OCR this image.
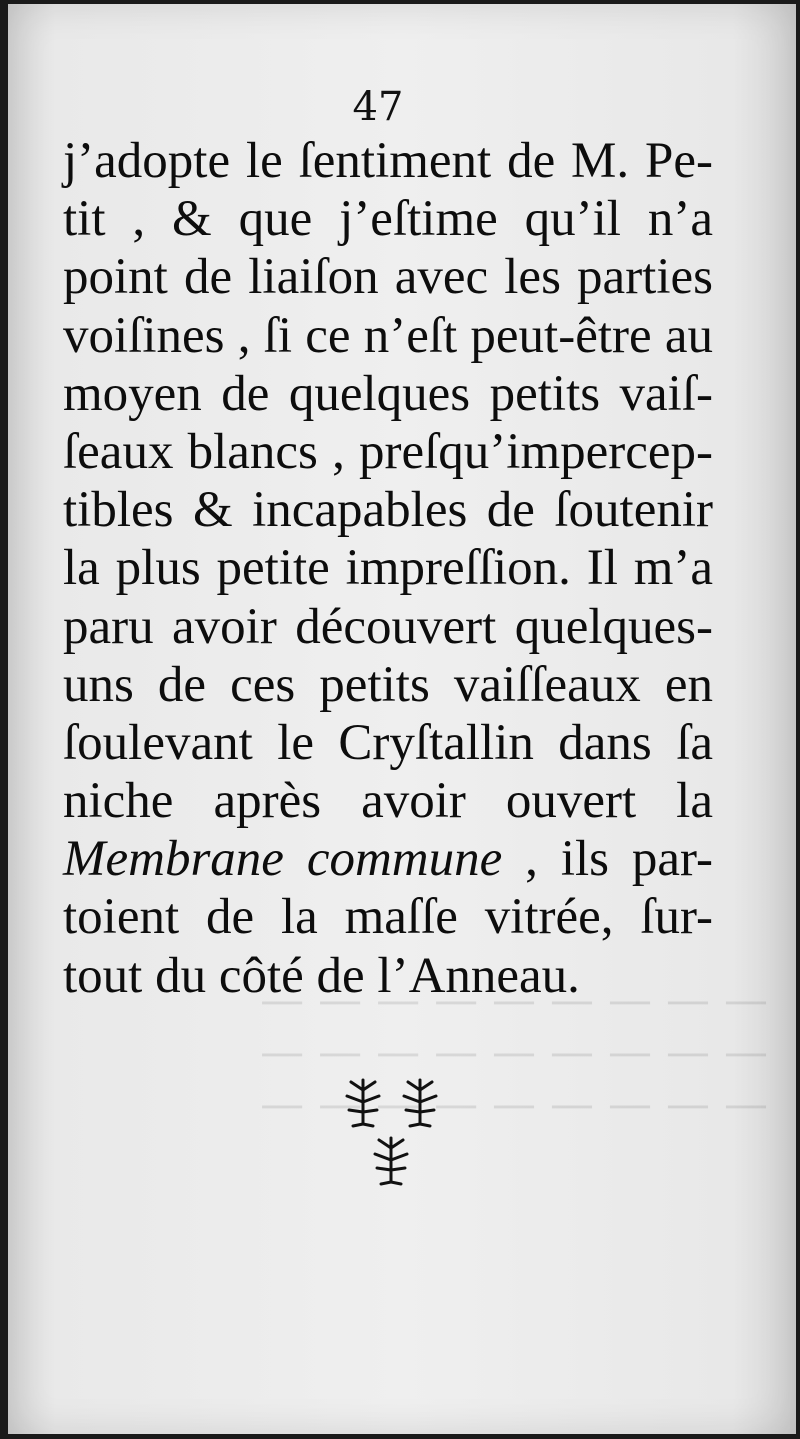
— — — — — — — — —
— — — — — — — — —
— — — — — — — — —
47
j’adopte le ſentiment de M. Pe-
tit , & que j’eſtime qu’il n’a
point de liaiſon avec les parties
voiſines , ſi ce n’eſt peut-être au
moyen de quelques petits vaiſ-
ſeaux blancs , preſqu’impercep-
tibles & incapables de ſoutenir
la plus petite impreſſion. Il m’a
paru avoir découvert quelques-
uns de ces petits vaiſſeaux en
ſoulevant le Cryſtallin dans ſa
niche après avoir ouvert la
Membrane commune , ils par-
toient de la maſſe vitrée, ſur-
tout du côté de l’Anneau.
